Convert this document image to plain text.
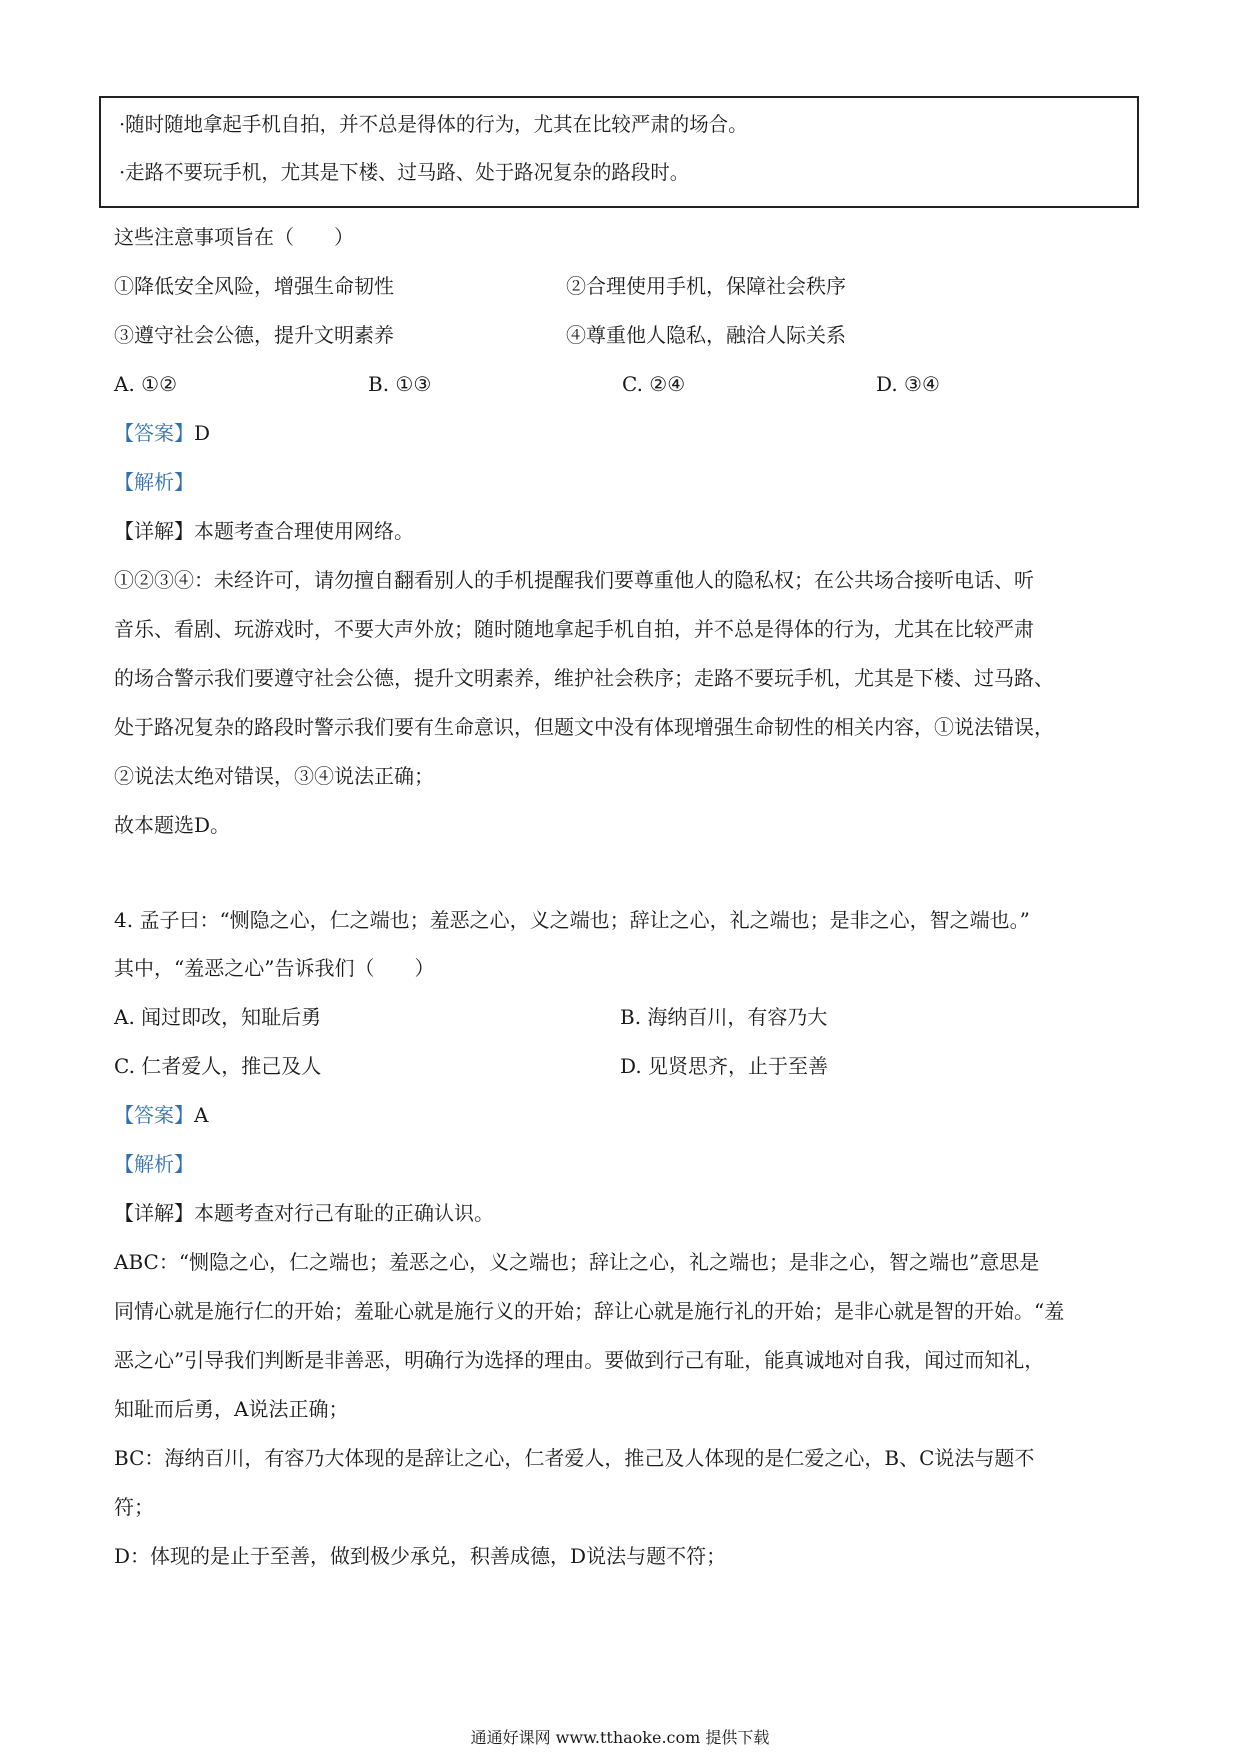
·随时随地拿起手机自拍，并不总是得体的行为，尤其在比较严肃的场合。
·走路不要玩手机，尤其是下楼、过马路、处于路况复杂的路段时。
这些注意事项旨在（　　）
①降低安全风险，增强生命韧性	②合理使用手机，保障社会秩序
③遵守社会公德，提升文明素养	④尊重他人隐私，融洽人际关系
A. ①②	B. ①③	C. ②④	D. ③④
【答案】D
【解析】
【详解】本题考查合理使用网络。
①②③④：未经许可，请勿擅自翻看别人的手机提醒我们要尊重他人的隐私权；在公共场合接听电话、听
音乐、看剧、玩游戏时，不要大声外放；随时随地拿起手机自拍，并不总是得体的行为，尤其在比较严肃
的场合警示我们要遵守社会公德，提升文明素养，维护社会秩序；走路不要玩手机，尤其是下楼、过马路、
处于路况复杂的路段时警示我们要有生命意识，但题文中没有体现增强生命韧性的相关内容，①说法错误，
②说法太绝对错误，③④说法正确；
故本题选D。
4. 孟子曰：“恻隐之心，仁之端也；羞恶之心，义之端也；辞让之心，礼之端也；是非之心，智之端也。”
其中，“羞恶之心”告诉我们（　　）
A. 闻过即改，知耻后勇	B. 海纳百川，有容乃大
C. 仁者爱人，推己及人	D. 见贤思齐，止于至善
【答案】A
【解析】
【详解】本题考查对行己有耻的正确认识。
ABC：“恻隐之心，仁之端也；羞恶之心，义之端也；辞让之心，礼之端也；是非之心，智之端也”意思是
同情心就是施行仁的开始；羞耻心就是施行义的开始；辞让心就是施行礼的开始；是非心就是智的开始。“羞
恶之心”引导我们判断是非善恶，明确行为选择的理由。要做到行己有耻，能真诚地对自我，闻过而知礼，
知耻而后勇，A说法正确；
BC：海纳百川，有容乃大体现的是辞让之心，仁者爱人，推己及人体现的是仁爱之心，B、C说法与题不
符；
D：体现的是止于至善，做到极少承兑，积善成德，D说法与题不符；
通通好课网 www.tthaoke.com 提供下载
